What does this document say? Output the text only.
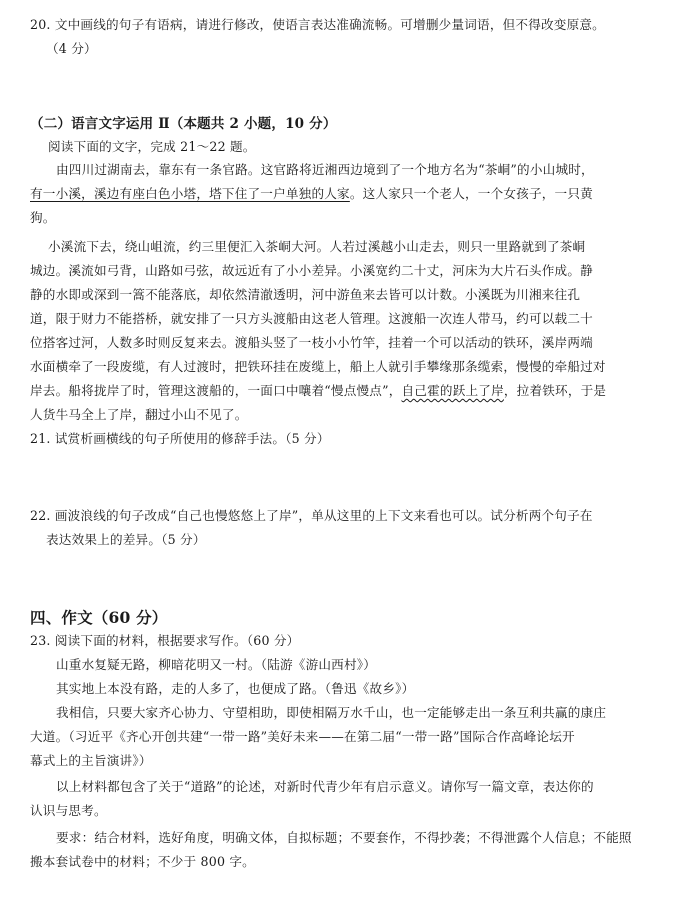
20. 文中画线的句子有语病，请进行修改，使语言表达准确流畅。可增删少量词语，但不得改变原意。
（4 分）
（二）语言文字运用 Ⅱ（本题共 2 小题，10 分）
阅读下面的文字，完成 21～22 题。
由四川过湖南去，靠东有一条官路。这官路将近湘西边境到了一个地方名为“茶峒”的小山城时，
有一小溪，溪边有座白色小塔，塔下住了一户单独的人家。这人家只一个老人，一个女孩子，一只黄
狗。
小溪流下去，绕山岨流，约三里便汇入茶峒大河。人若过溪越小山走去，则只一里路就到了茶峒
城边。溪流如弓背，山路如弓弦，故远近有了小小差异。小溪宽约二十丈，河床为大片石头作成。静
静的水即或深到一篙不能落底，却依然清澈透明，河中游鱼来去皆可以计数。小溪既为川湘来往孔
道，限于财力不能搭桥，就安排了一只方头渡船由这老人管理。这渡船一次连人带马，约可以载二十
位搭客过河，人数多时则反复来去。渡船头竖了一枝小小竹竿，挂着一个可以活动的铁环，溪岸两端
水面横牵了一段废缆，有人过渡时，把铁环挂在废缆上，船上人就引手攀缘那条缆索，慢慢的牵船过对
岸去。船将拢岸了时，管理这渡船的，一面口中嚷着“慢点慢点”，自己霍的跃上了岸，拉着铁环，于是
人货牛马全上了岸，翻过小山不见了。
21. 试赏析画横线的句子所使用的修辞手法。（5 分）
22. 画波浪线的句子改成“自己也慢悠悠上了岸”，单从这里的上下文来看也可以。试分析两个句子在
表达效果上的差异。（5 分）
四、作文（60 分）
23. 阅读下面的材料，根据要求写作。（60 分）
山重水复疑无路，柳暗花明又一村。（陆游《游山西村》）
其实地上本没有路，走的人多了，也便成了路。（鲁迅《故乡》）
我相信，只要大家齐心协力、守望相助，即使相隔万水千山，也一定能够走出一条互利共赢的康庄
大道。（习近平《齐心开创共建“一带一路”美好未来——在第二届“一带一路”国际合作高峰论坛开
幕式上的主旨演讲》）
以上材料都包含了关于“道路”的论述，对新时代青少年有启示意义。请你写一篇文章，表达你的
认识与思考。
要求：结合材料，选好角度，明确文体，自拟标题；不要套作，不得抄袭；不得泄露个人信息；不能照
搬本套试卷中的材料；不少于 800 字。
